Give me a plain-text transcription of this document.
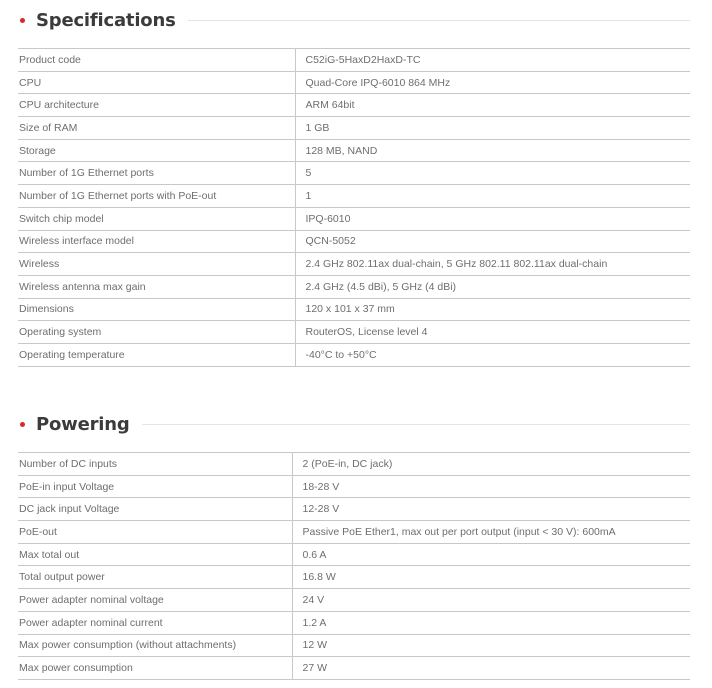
Specifications
Product code	C52iG-5HaxD2HaxD-TC
CPU	Quad-Core IPQ-6010 864 MHz
CPU architecture	ARM 64bit
Size of RAM	1 GB
Storage	128 MB, NAND
Number of 1G Ethernet ports	5
Number of 1G Ethernet ports with PoE-out	1
Switch chip model	IPQ-6010
Wireless interface model	QCN-5052
Wireless	2.4 GHz 802.11ax dual-chain, 5 GHz 802.11 802.11ax dual-chain
Wireless antenna max gain	2.4 GHz (4.5 dBi), 5 GHz (4 dBi)
Dimensions	120 x 101 x 37 mm
Operating system	RouterOS, License level 4
Operating temperature	-40°C to +50°C
Powering
Number of DC inputs	2 (PoE-in, DC jack)
PoE-in input Voltage	18-28 V
DC jack input Voltage	12-28 V
PoE-out	Passive PoE Ether1, max out per port output (input < 30 V): 600mA
Max total out	0.6 A
Total output power	16.8 W
Power adapter nominal voltage	24 V
Power adapter nominal current	1.2 A
Max power consumption (without attachments)	12 W
Max power consumption	27 W
